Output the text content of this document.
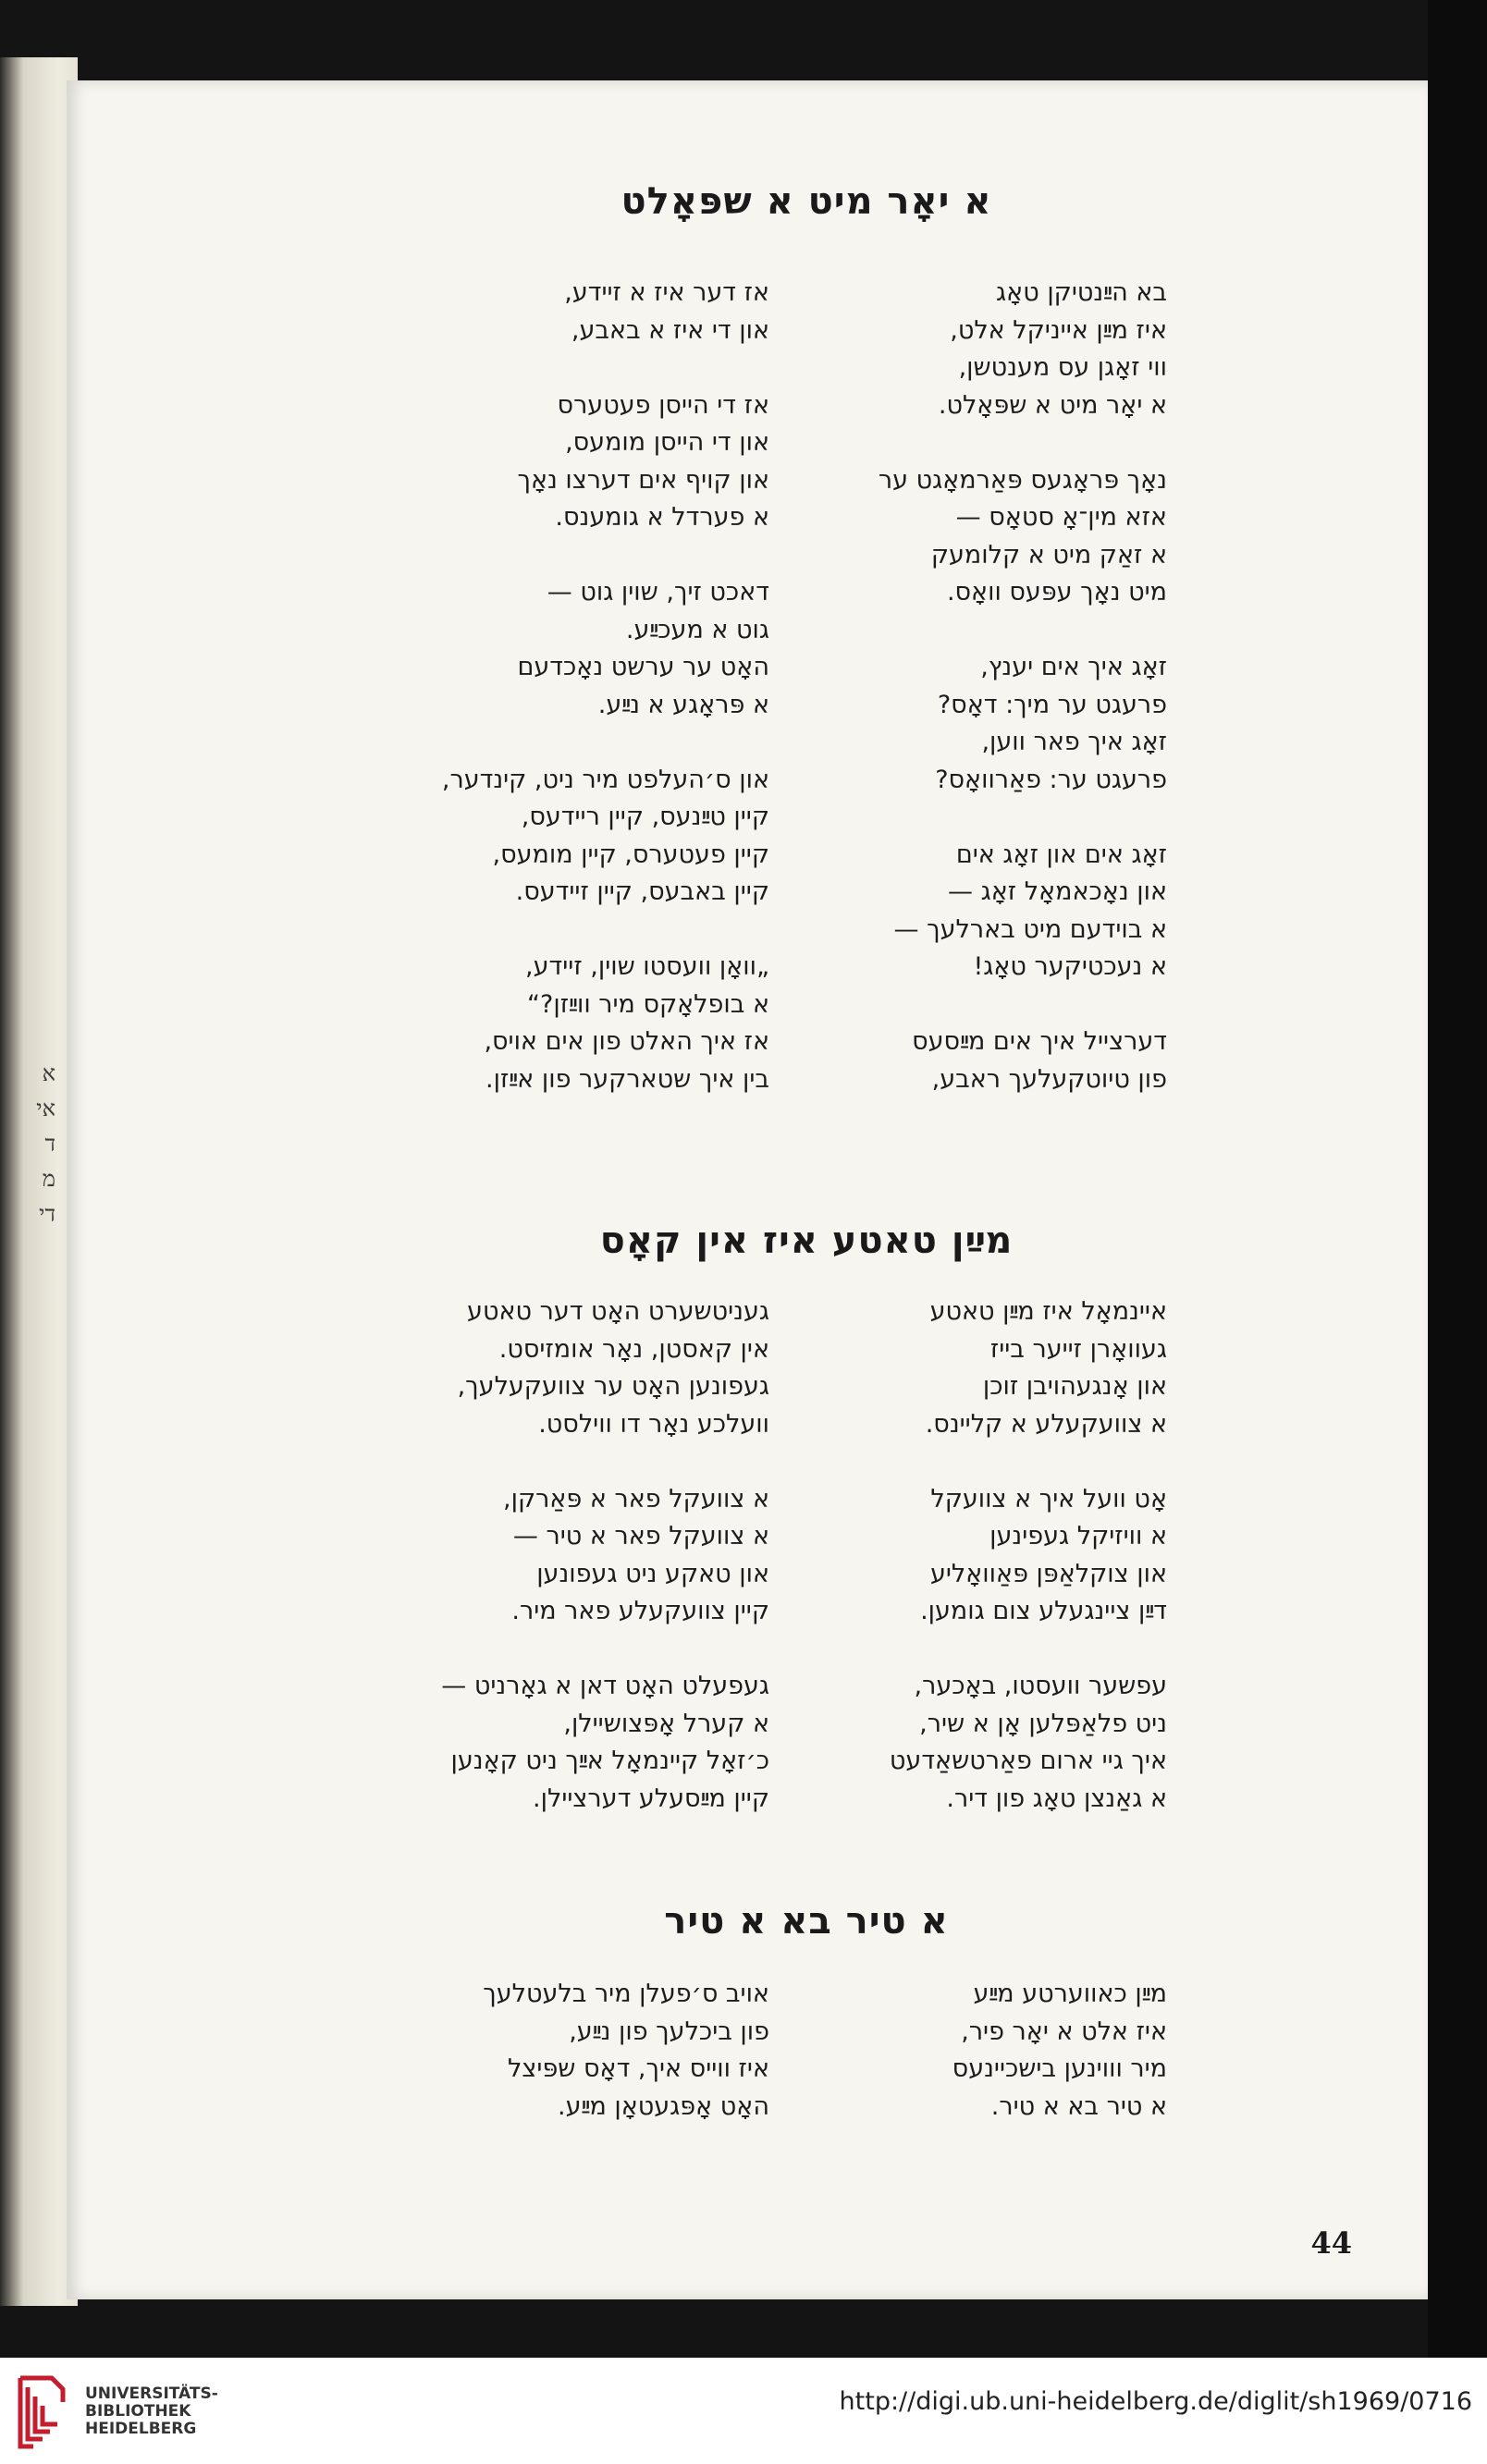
א
אי
ד
מ
די
א יאָר מיט א שפּאָלט
בא הײַנטיקן טאָג
איז מײַן אייניקל אלט,
ווי זאָגן עס מענטשן,
א יאָר מיט א שפּאָלט.
נאָך פּראָגעס פּאַרמאָגט ער
אזא מין־אָ סטאָס —
א זאַק מיט א קלומעק
מיט נאָך עפּעס וואָס.
זאָג איך אים יענץ,
פרעגט ער מיך: דאָס?
זאָג איך פאר ווען,
פרעגט ער: פאַרוואָס?
זאָג אים און זאָג אים
און נאָכאמאָל זאָג —
א בוידעם מיט בארלעך —
א נעכטיקער טאָג!
דערצייל איך אים מײַסעס
פון טיוטקעלעך ראבע,
אז דער איז א זיידע,
און די איז א באבע,
אז די הייסן פעטערס
און די הייסן מומעס,
און קויף אים דערצו נאָך
א פערדל א גומענס.
דאכט זיך, שוין גוט —
גוט א מעכײַע.
האָט ער ערשט נאָכדעם
א פּראָגע א נײַע.
און ס׳העלפט מיר ניט, קינדער,
קיין טײַנעס, קיין ריידעס,
קיין פעטערס, קיין מומעס,
קיין באבעס, קיין זיידעס.
„וואָן וועסטו שוין, זיידע,
א בופלאָקס מיר ווײַזן?“
אז איך האלט פון אים אויס,
בין איך שטארקער פון אײַזן.
מײַן טאטע איז אין קאָס
איינמאָל איז מײַן טאטע
געוואָרן זייער בייז
און אָנגעהויבן זוכן
א צוועקעלע א קליינס.
אָט וועל איך א צוועקל
א וויזיקל געפינען
און צוקלאַפּן פּאַוואָליע
דײַן ציינגעלע צום גומען.
עפשער וועסטו, באָכער,
ניט פלאַפּלען אָן א שיר,
איך גיי ארום פאַרטשאַדעט
א גאַנצן טאָג פון דיר.
געניטשערט האָט דער טאטע
אין קאסטן, נאָר אומזיסט.
געפונען האָט ער צוועקעלעך,
וועלכע נאָר דו ווילסט.
א צוועקל פאר א פּאַרקן,
א צוועקל פאר א טיר —
און טאקע ניט געפונען
קיין צוועקעלע פאר מיר.
געפעלט האָט דאן א גאָרניט —
א קערל אָפּצושיילן,
כ׳זאָל קיינמאָל אײַך ניט קאָנען
קיין מײַסעלע דערציילן.
א טיר בא א טיר
מײַן כאווערטע מײַע
איז אלט א יאָר פיר,
מיר וווינען בישכיינעס
א טיר בא א טיר.
אויב ס׳פעלן מיר בלעטלעך
פון ביכלעך פון נײַע,
איז ווייס איך, דאָס שפּיצל
האָט אָפּגעטאָן מײַע.
44
UNIVERSITÄTS-
BIBLIOTHEK
HEIDELBERG
http://digi.ub.uni-heidelberg.de/diglit/sh1969/0716
